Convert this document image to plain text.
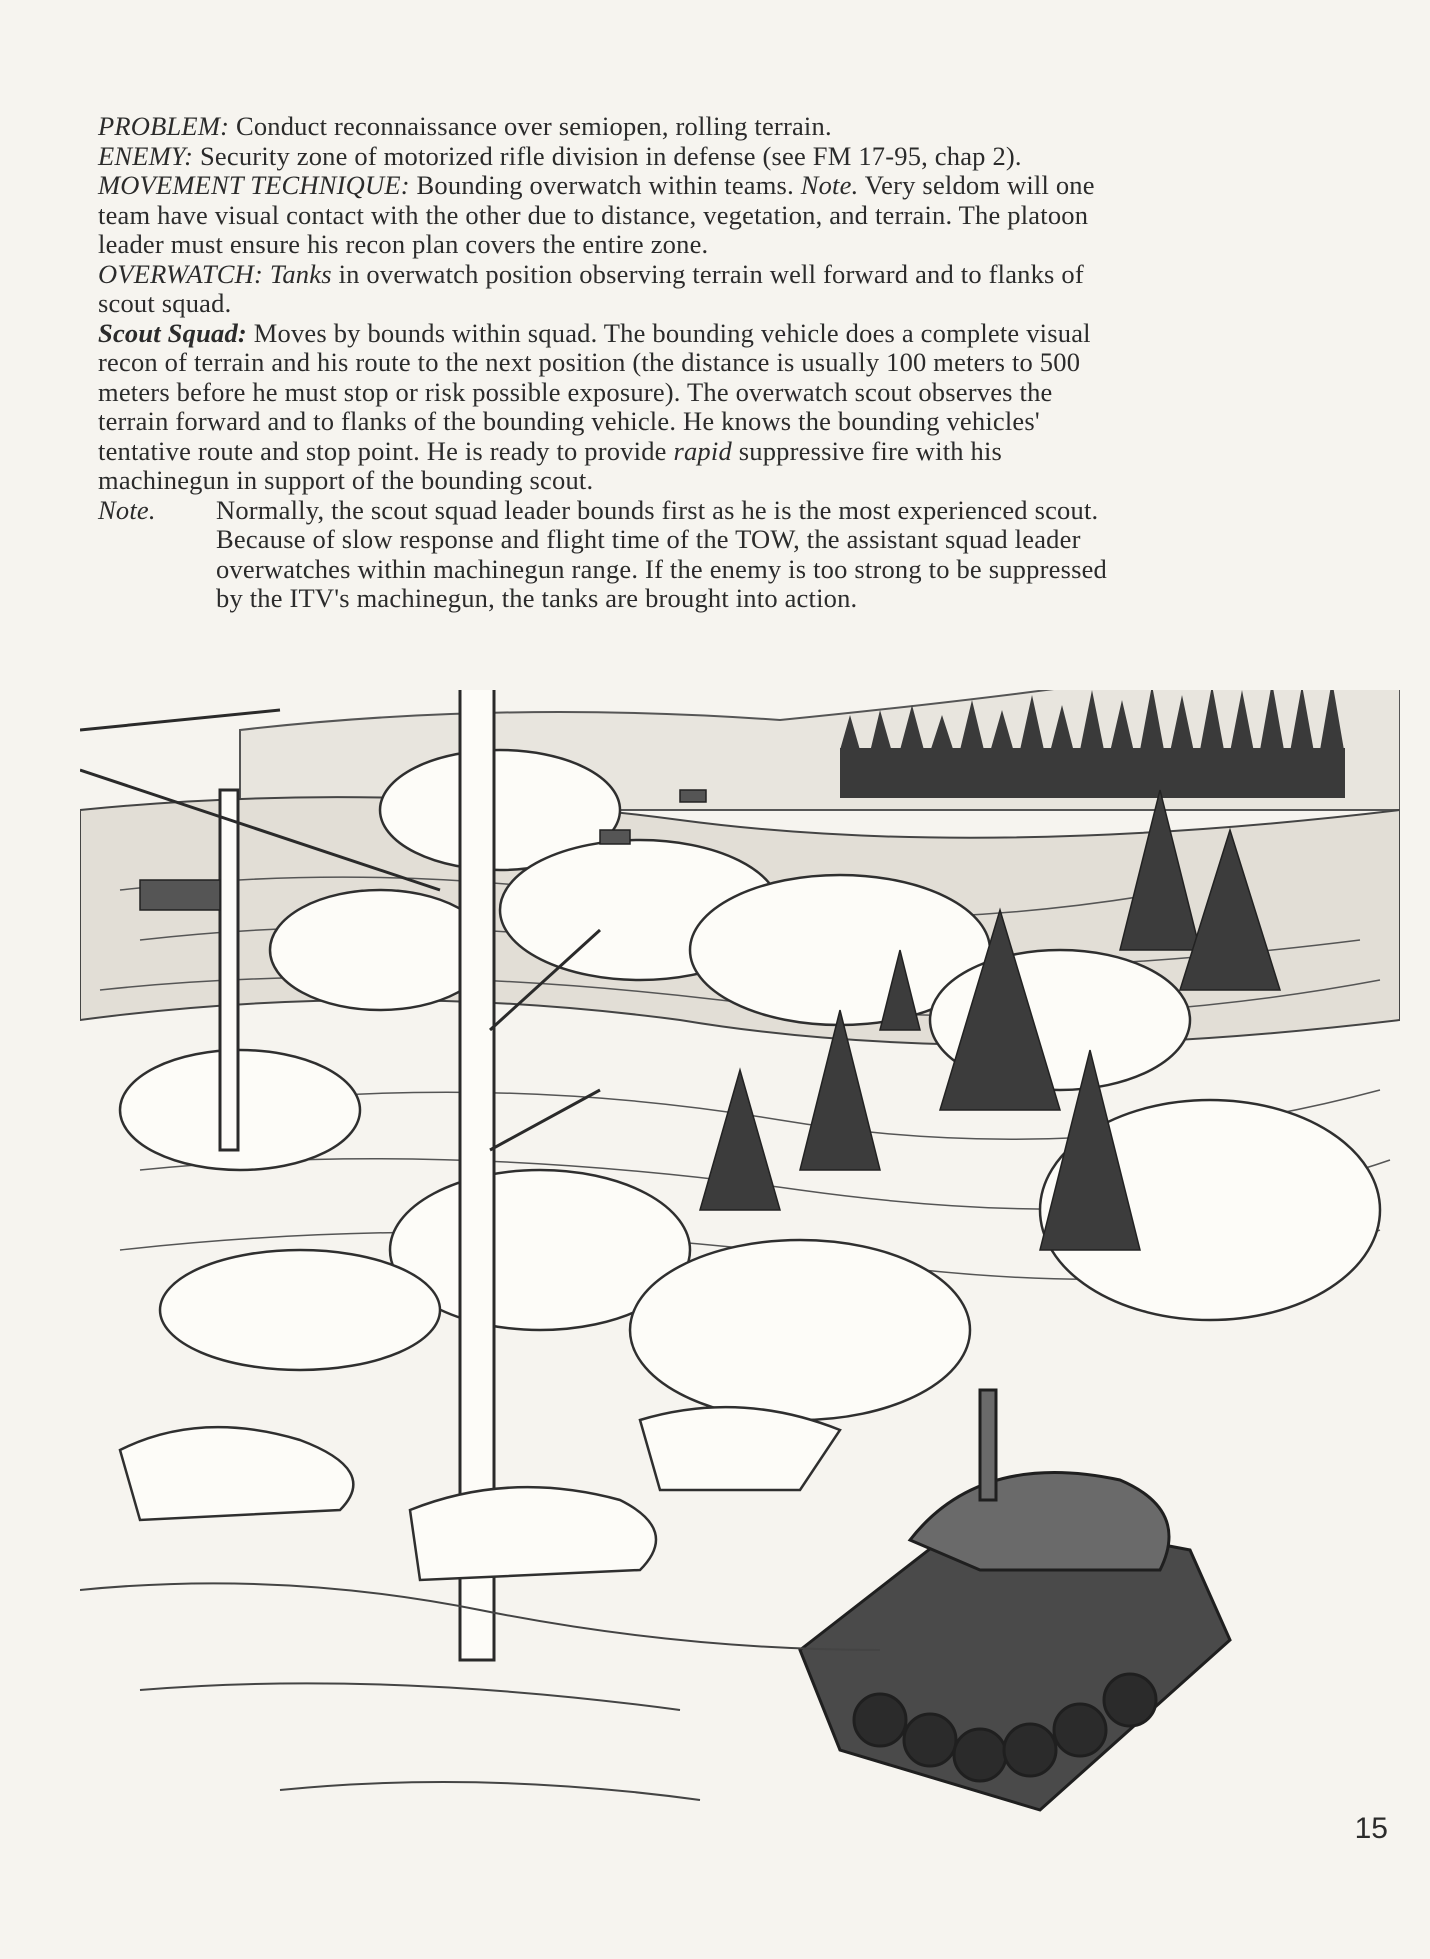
PROBLEM: Conduct reconnaissance over semiopen, rolling terrain.

ENEMY: Security zone of motorized rifle division in defense (see FM 17-95, chap 2).

MOVEMENT TECHNIQUE: Bounding overwatch within teams. Note. Very seldom will one team have visual contact with the other due to distance, vegetation, and terrain. The platoon leader must ensure his recon plan covers the entire zone.

OVERWATCH: Tanks in overwatch position observing terrain well forward and to flanks of scout squad.

Scout Squad: Moves by bounds within squad. The bounding vehicle does a complete visual recon of terrain and his route to the next position (the distance is usually 100 meters to 500 meters before he must stop or risk possible exposure). The overwatch scout observes the terrain forward and to flanks of the bounding vehicle. He knows the bounding vehicles' tentative route and stop point. He is ready to provide rapid suppressive fire with his machinegun in support of the bounding scout.

Note.	Normally, the scout squad leader bounds first as he is the most experienced scout. Because of slow response and flight time of the TOW, the assistant squad leader overwatches within machinegun range. If the enemy is too strong to be suppressed by the ITV's machinegun, the tanks are brought into action.
15
